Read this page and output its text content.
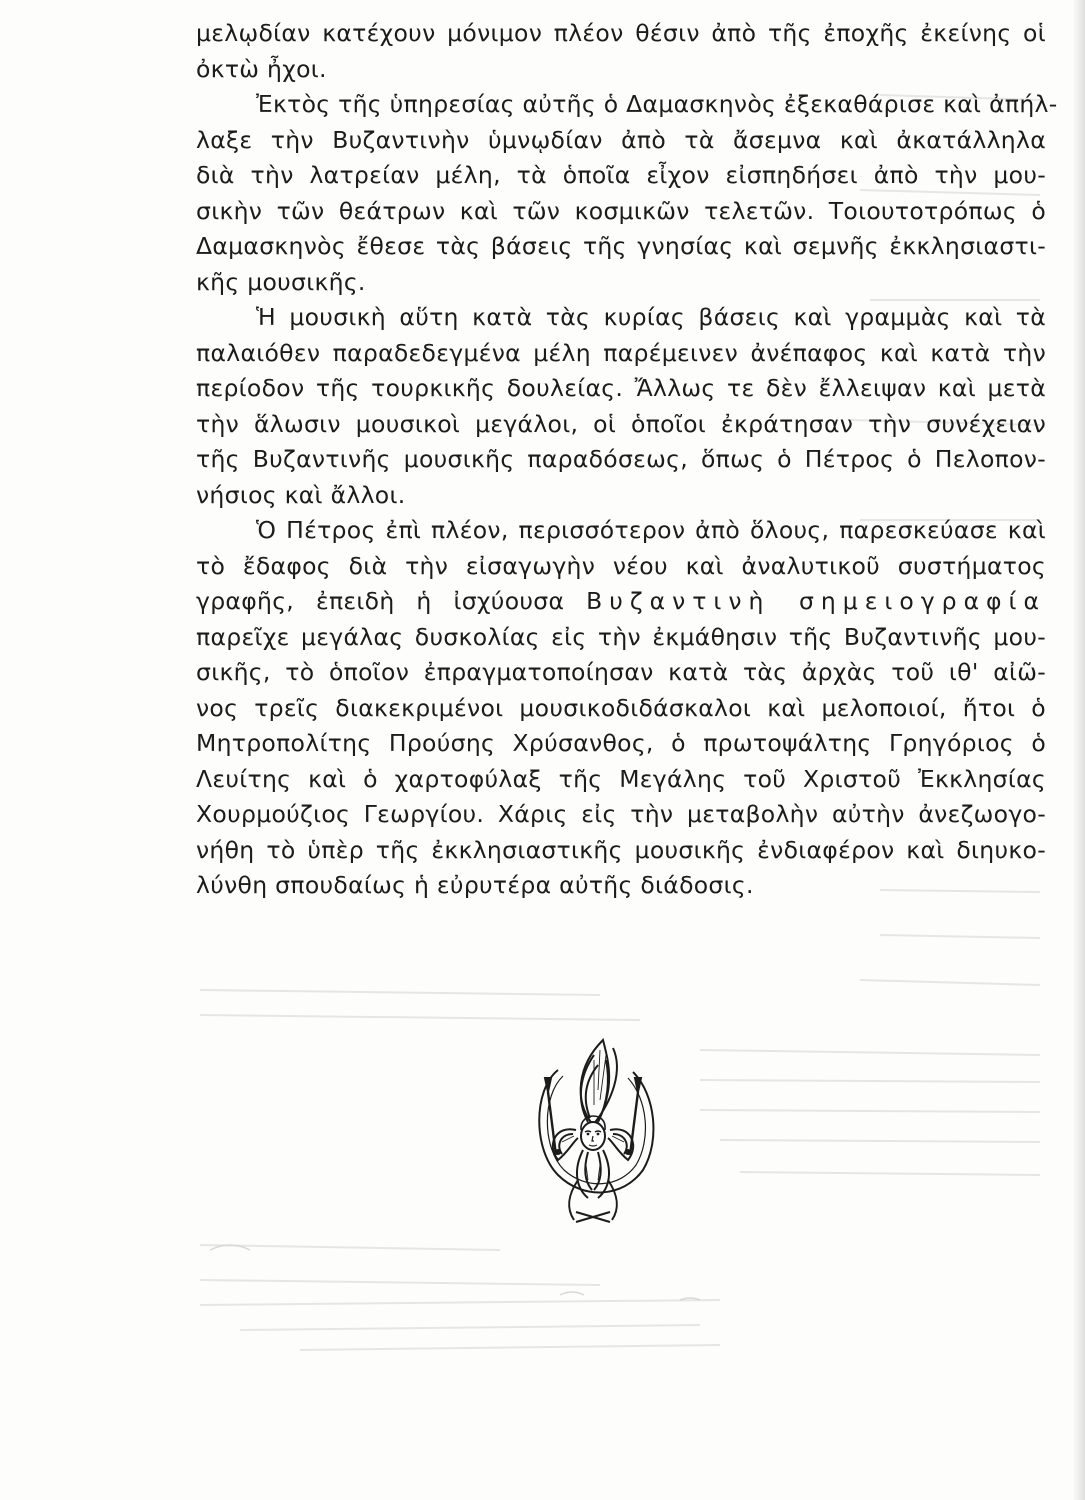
μελῳδίαν κατέχουν μόνιμον πλέον θέσιν ἀπὸ τῆς ἐποχῆς ἐκείνης οἱ
ὀκτὼ ἦχοι.
Ἐκτὸς τῆς ὑπηρεσίας αὐτῆς ὁ Δαμασκηνὸς ἐξεκαθάρισε καὶ ἀπήλ-
λαξε τὴν Βυζαντινὴν ὑμνῳδίαν ἀπὸ τὰ ἄσεμνα καὶ ἀκατάλληλα
διὰ τὴν λατρείαν μέλη, τὰ ὁποῖα εἶχον εἰσπηδήσει ἀπὸ τὴν μου-
σικὴν τῶν θεάτρων καὶ τῶν κοσμικῶν τελετῶν. Τοιουτοτρόπως ὁ
Δαμασκηνὸς ἔθεσε τὰς βάσεις τῆς γνησίας καὶ σεμνῆς ἐκκλησιαστι-
κῆς μουσικῆς.
Ἡ μουσικὴ αὕτη κατὰ τὰς κυρίας βάσεις καὶ γραμμὰς καὶ τὰ
παλαιόθεν παραδεδεγμένα μέλη παρέμεινεν ἀνέπαφος καὶ κατὰ τὴν
περίοδον τῆς τουρκικῆς δουλείας. Ἄλλως τε δὲν ἔλλειψαν καὶ μετὰ
τὴν ἅλωσιν μουσικοὶ μεγάλοι, οἱ ὁποῖοι ἐκράτησαν τὴν συνέχειαν
τῆς Βυζαντινῆς μουσικῆς παραδόσεως, ὅπως ὁ Πέτρος ὁ Πελοπον-
νήσιος καὶ ἄλλοι.
Ὁ Πέτρος ἐπὶ πλέον, περισσότερον ἀπὸ ὅλους, παρεσκεύασε καὶ
τὸ ἔδαφος διὰ τὴν εἰσαγωγὴν νέου καὶ ἀναλυτικοῦ συστήματος
γραφῆς, ἐπειδὴ ἡ ἰσχύουσα Βυζαντινὴ σημειογραφία
παρεῖχε μεγάλας δυσκολίας εἰς τὴν ἐκμάθησιν τῆς Βυζαντινῆς μου-
σικῆς, τὸ ὁποῖον ἐπραγματοποίησαν κατὰ τὰς ἀρχὰς τοῦ ιθ' αἰῶ-
νος τρεῖς διακεκριμένοι μουσικοδιδάσκαλοι καὶ μελοποιοί, ἤτοι ὁ
Μητροπολίτης Προύσης Χρύσανθος, ὁ πρωτοψάλτης Γρηγόριος ὁ
Λευίτης καὶ ὁ χαρτοφύλαξ τῆς Μεγάλης τοῦ Χριστοῦ Ἐκκλησίας
Χουρμούζιος Γεωργίου. Χάρις εἰς τὴν μεταβολὴν αὐτὴν ἀνεζωογο-
νήθη τὸ ὑπὲρ τῆς ἐκκλησιαστικῆς μουσικῆς ἐνδιαφέρον καὶ διηυκο-
λύνθη σπουδαίως ἡ εὐρυτέρα αὐτῆς διάδοσις.
